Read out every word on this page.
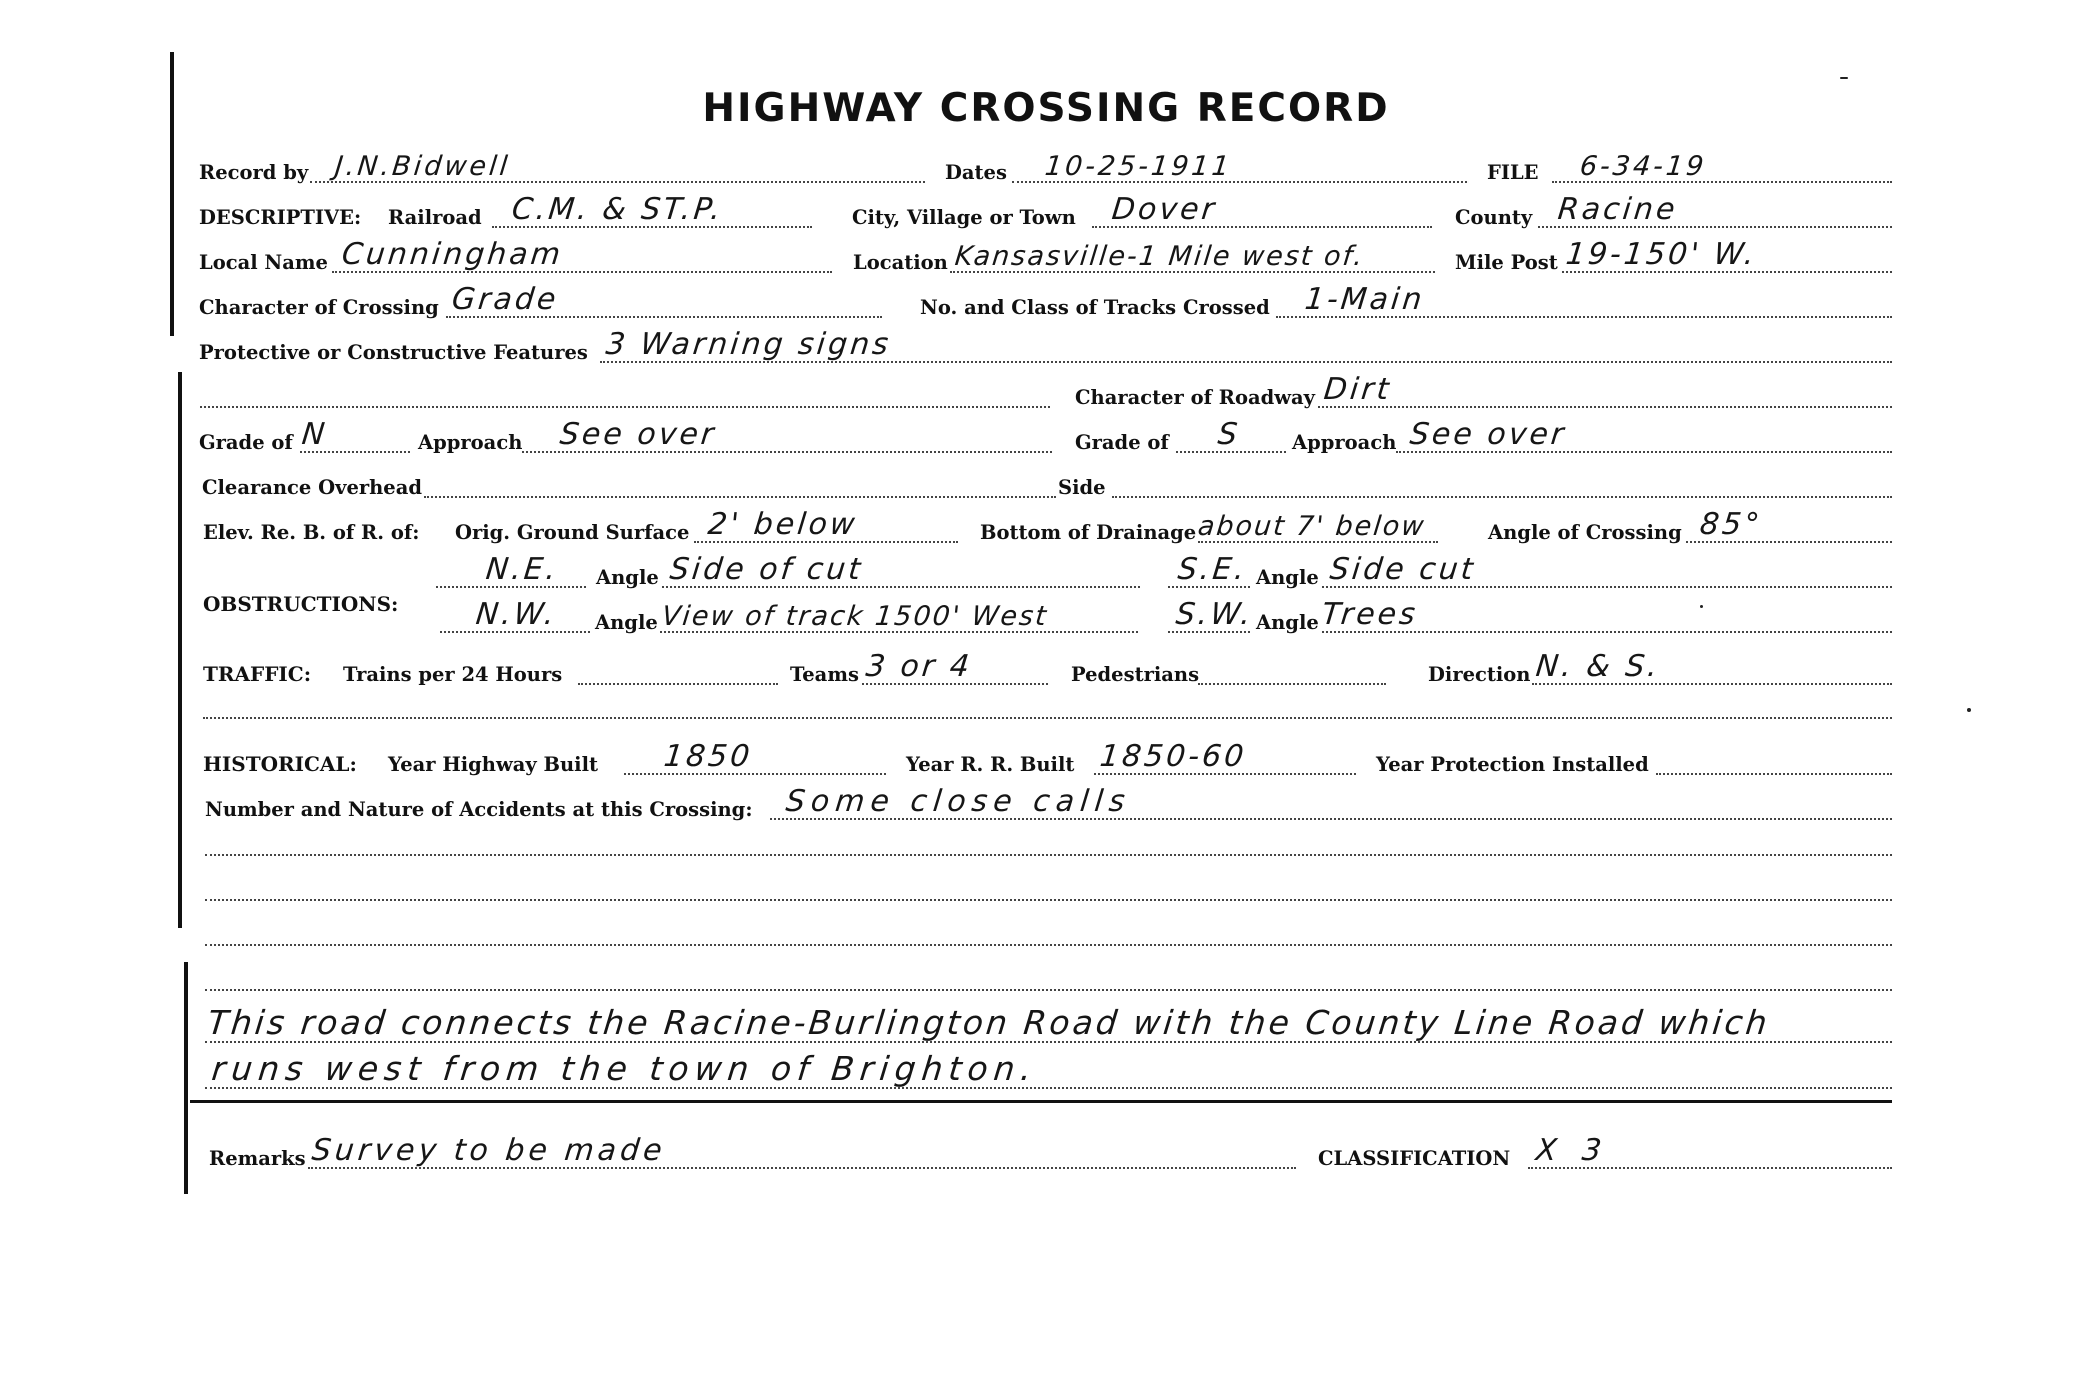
HIGHWAY CROSSING RECORD
Record by J.N.Bidwell	Dates 10-25-1911	FILE 6-34-19
DESCRIPTIVE: Railroad C.M. & ST.P.	City, Village or Town Dover	County Racine
Local Name Cunningham	Location Kansasville-1 Mile west of.	Mile Post 19-150' W.
Character of Crossing Grade	No. and Class of Tracks Crossed 1-Main
Protective or Constructive Features 3 Warning signs
Character of Roadway Dirt
Grade of N	Approach See over	Grade of S	Approach See over
Clearance Overhead	Side
Elev. Re. B. of R. of: Orig. Ground Surface 2' below	Bottom of Drainage about 7' below	Angle of Crossing 85°
OBSTRUCTIONS:
N.E. Angle Side of cut	S.E. Angle Side cut
N.W. Angle View of track 1500' West	S.W. Angle Trees
TRAFFIC: Trains per 24 Hours	Teams 3 or 4	Pedestrians	Direction N. & S.
HISTORICAL: Year Highway Built 1850	Year R. R. Built 1850-60	Year Protection Installed
Number and Nature of Accidents at this Crossing: Some close calls
This road connects the Racine-Burlington Road with the County Line Road which
runs west from the town of Brighton.
Remarks Survey to be made	CLASSIFICATION X 3
